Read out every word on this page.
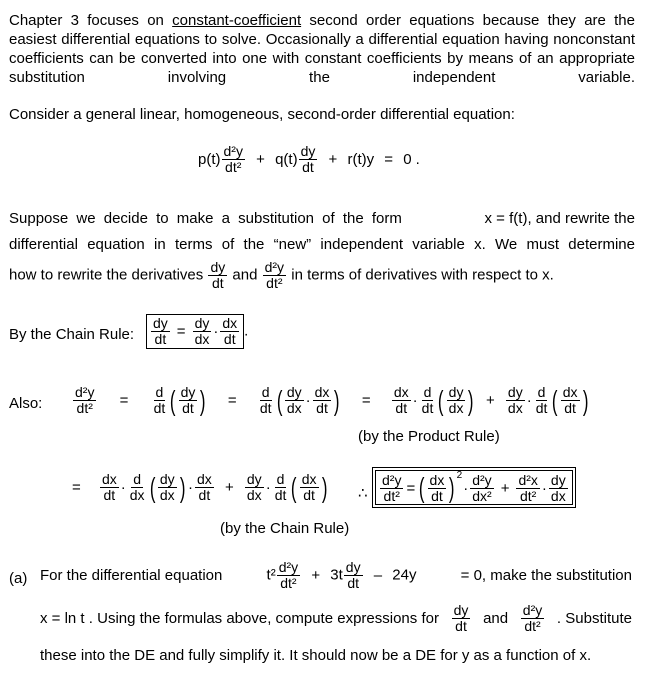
Chapter 3 focuses on constant-coefficient second order equations because they are the easiest differential equations to solve. Occasionally a differential equation having nonconstant coefficients can be converted into one with constant coefficients by means of an appropriate substitution involving the independent variable.

Consider a general linear, homogeneous, second-order differential equation:

$p(t) \frac{\text{d²y}}{\text{dt²}} + q(t) \frac{dy}{dt} + r(t)y = 0$ .
Suppose we decide to make a substitution of the form	x = f(t), and rewrite the
differential equation in terms of the “new” independent variable x. We must determine
how to rewrite the derivatives $\frac{dy}{dt}$ and $\frac{\text{d²y}}{\text{dt²}}$ in terms of derivatives with respect to x.
By the Chain Rule: $\frac{dy}{dt} = \frac{dy}{dx} \cdot \frac{dx}{dt}$ .
Also: $\frac{\text{d²y}}{\text{dt²}} = \frac{d}{dt}$ ( $\frac{dy}{dt}$ ) = $\frac{d}{dt}$ ( $\frac{dy}{dx} \cdot \frac{dx}{dt}$ ) = $\frac{dx}{dt} \cdot \frac{d}{dt}$ ( $\frac{dy}{dx}$ ) + $\frac{dy}{dx} \cdot \frac{d}{dt}$ ( $\frac{dx}{dt}$ )
(by the Product Rule)
= $\frac{dx}{dt} \cdot \frac{d}{dx}$ ( $\frac{dy}{dx}$ ) · $\frac{dx}{dt} + \frac{dy}{dx} \cdot \frac{d}{dt}$ ( $\frac{dx}{dt}$ ) ∴ $\frac{\text{d²y}}{\text{dt²}}$ = ( $\frac{dx}{dt}$ ) $^2\cdot \frac{\text{d²y}}{\text{dx²}} + \frac{\text{d²x}}{\text{dt²}} \cdot \frac{dy}{dx}$
(by the Chain Rule)
(a) For the differential equation	$t^2 \frac{\text{d²y}}{\text{dt²}} + 3t \frac{dy}{dt} - 24y$	= 0, make the substitution
x = ln t . Using the formulas above, compute expressions for $\frac{dy}{dt}$ and $\frac{\text{d²y}}{\text{dt²}}$ . Substitute
these into the DE and fully simplify it. It should now be a DE for y as a function of x.
